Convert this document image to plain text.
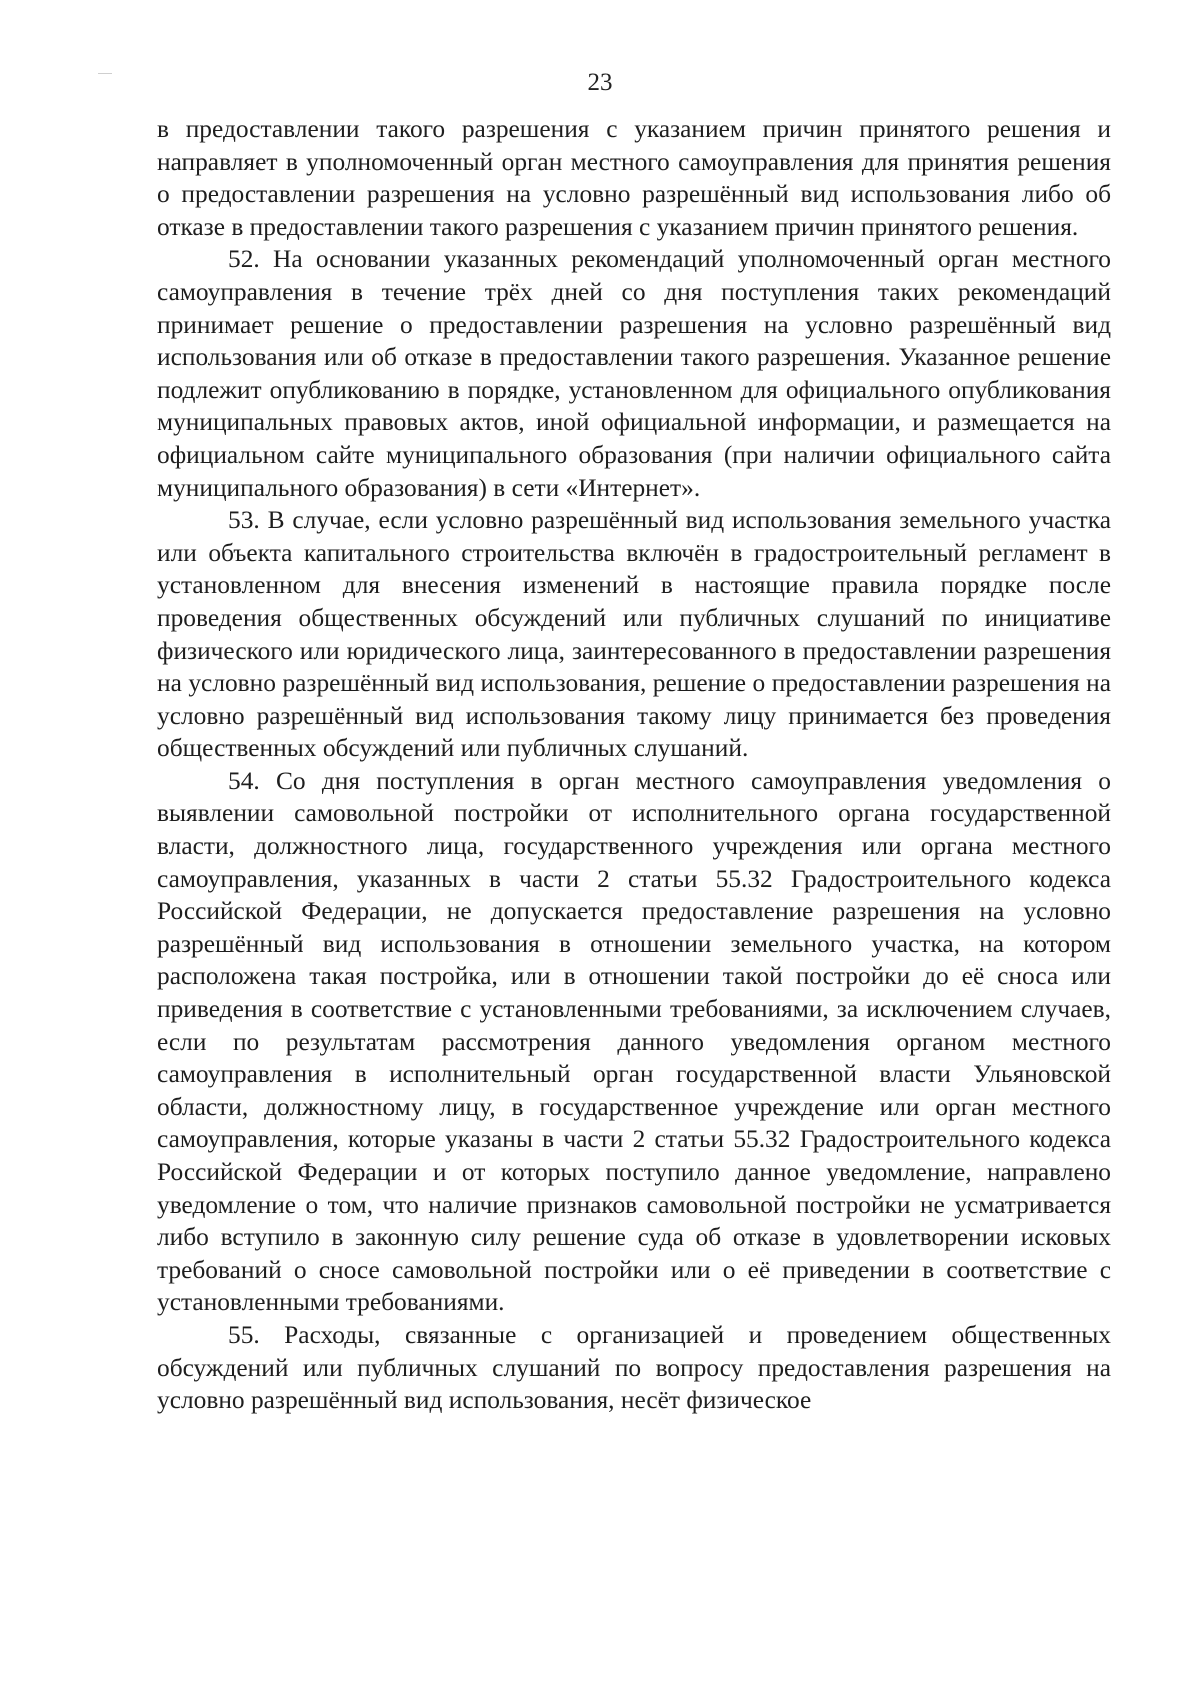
23

в предоставлении такого разрешения с указанием причин принятого решения и направляет в уполномоченный орган местного самоуправления для принятия решения о предоставлении разрешения на условно разрешённый вид использования либо об отказе в предоставлении такого разрешения с указанием причин принятого решения.

52. На основании указанных рекомендаций уполномоченный орган местного самоуправления в течение трёх дней со дня поступления таких рекомендаций принимает решение о предоставлении разрешения на условно разрешённый вид использования или об отказе в предоставлении такого разрешения. Указанное решение подлежит опубликованию в порядке, установленном для официального опубликования муниципальных правовых актов, иной официальной информации, и размещается на официальном сайте муниципального образования (при наличии официального сайта муниципального образования) в сети «Интернет».

53. В случае, если условно разрешённый вид использования земельного участка или объекта капитального строительства включён в градостроительный регламент в установленном для внесения изменений в настоящие правила порядке после проведения общественных обсуждений или публичных слушаний по инициативе физического или юридического лица, заинтересованного в предоставлении разрешения на условно разрешённый вид использования, решение о предоставлении разрешения на условно разрешённый вид использования такому лицу принимается без проведения общественных обсуждений или публичных слушаний.

54. Со дня поступления в орган местного самоуправления уведомления о выявлении самовольной постройки от исполнительного органа государственной власти, должностного лица, государственного учреждения или органа местного самоуправления, указанных в части 2 статьи 55.32 Градостроительного кодекса Российской Федерации, не допускается предоставление разрешения на условно разрешённый вид использования в отношении земельного участка, на котором расположена такая постройка, или в отношении такой постройки до её сноса или приведения в соответствие с установленными требованиями, за исключением случаев, если по результатам рассмотрения данного уведомления органом местного самоуправления в исполнительный орган государственной власти Ульяновской области, должностному лицу, в государственное учреждение или орган местного самоуправления, которые указаны в части 2 статьи 55.32 Градостроительного кодекса Российской Федерации и от которых поступило данное уведомление, направлено уведомление о том, что наличие признаков самовольной постройки не усматривается либо вступило в законную силу решение суда об отказе в удовлетворении исковых требований о сносе самовольной постройки или о её приведении в соответствие с установленными требованиями.

55. Расходы, связанные с организацией и проведением общественных обсуждений или публичных слушаний по вопросу предоставления разрешения на условно разрешённый вид использования, несёт физическое
